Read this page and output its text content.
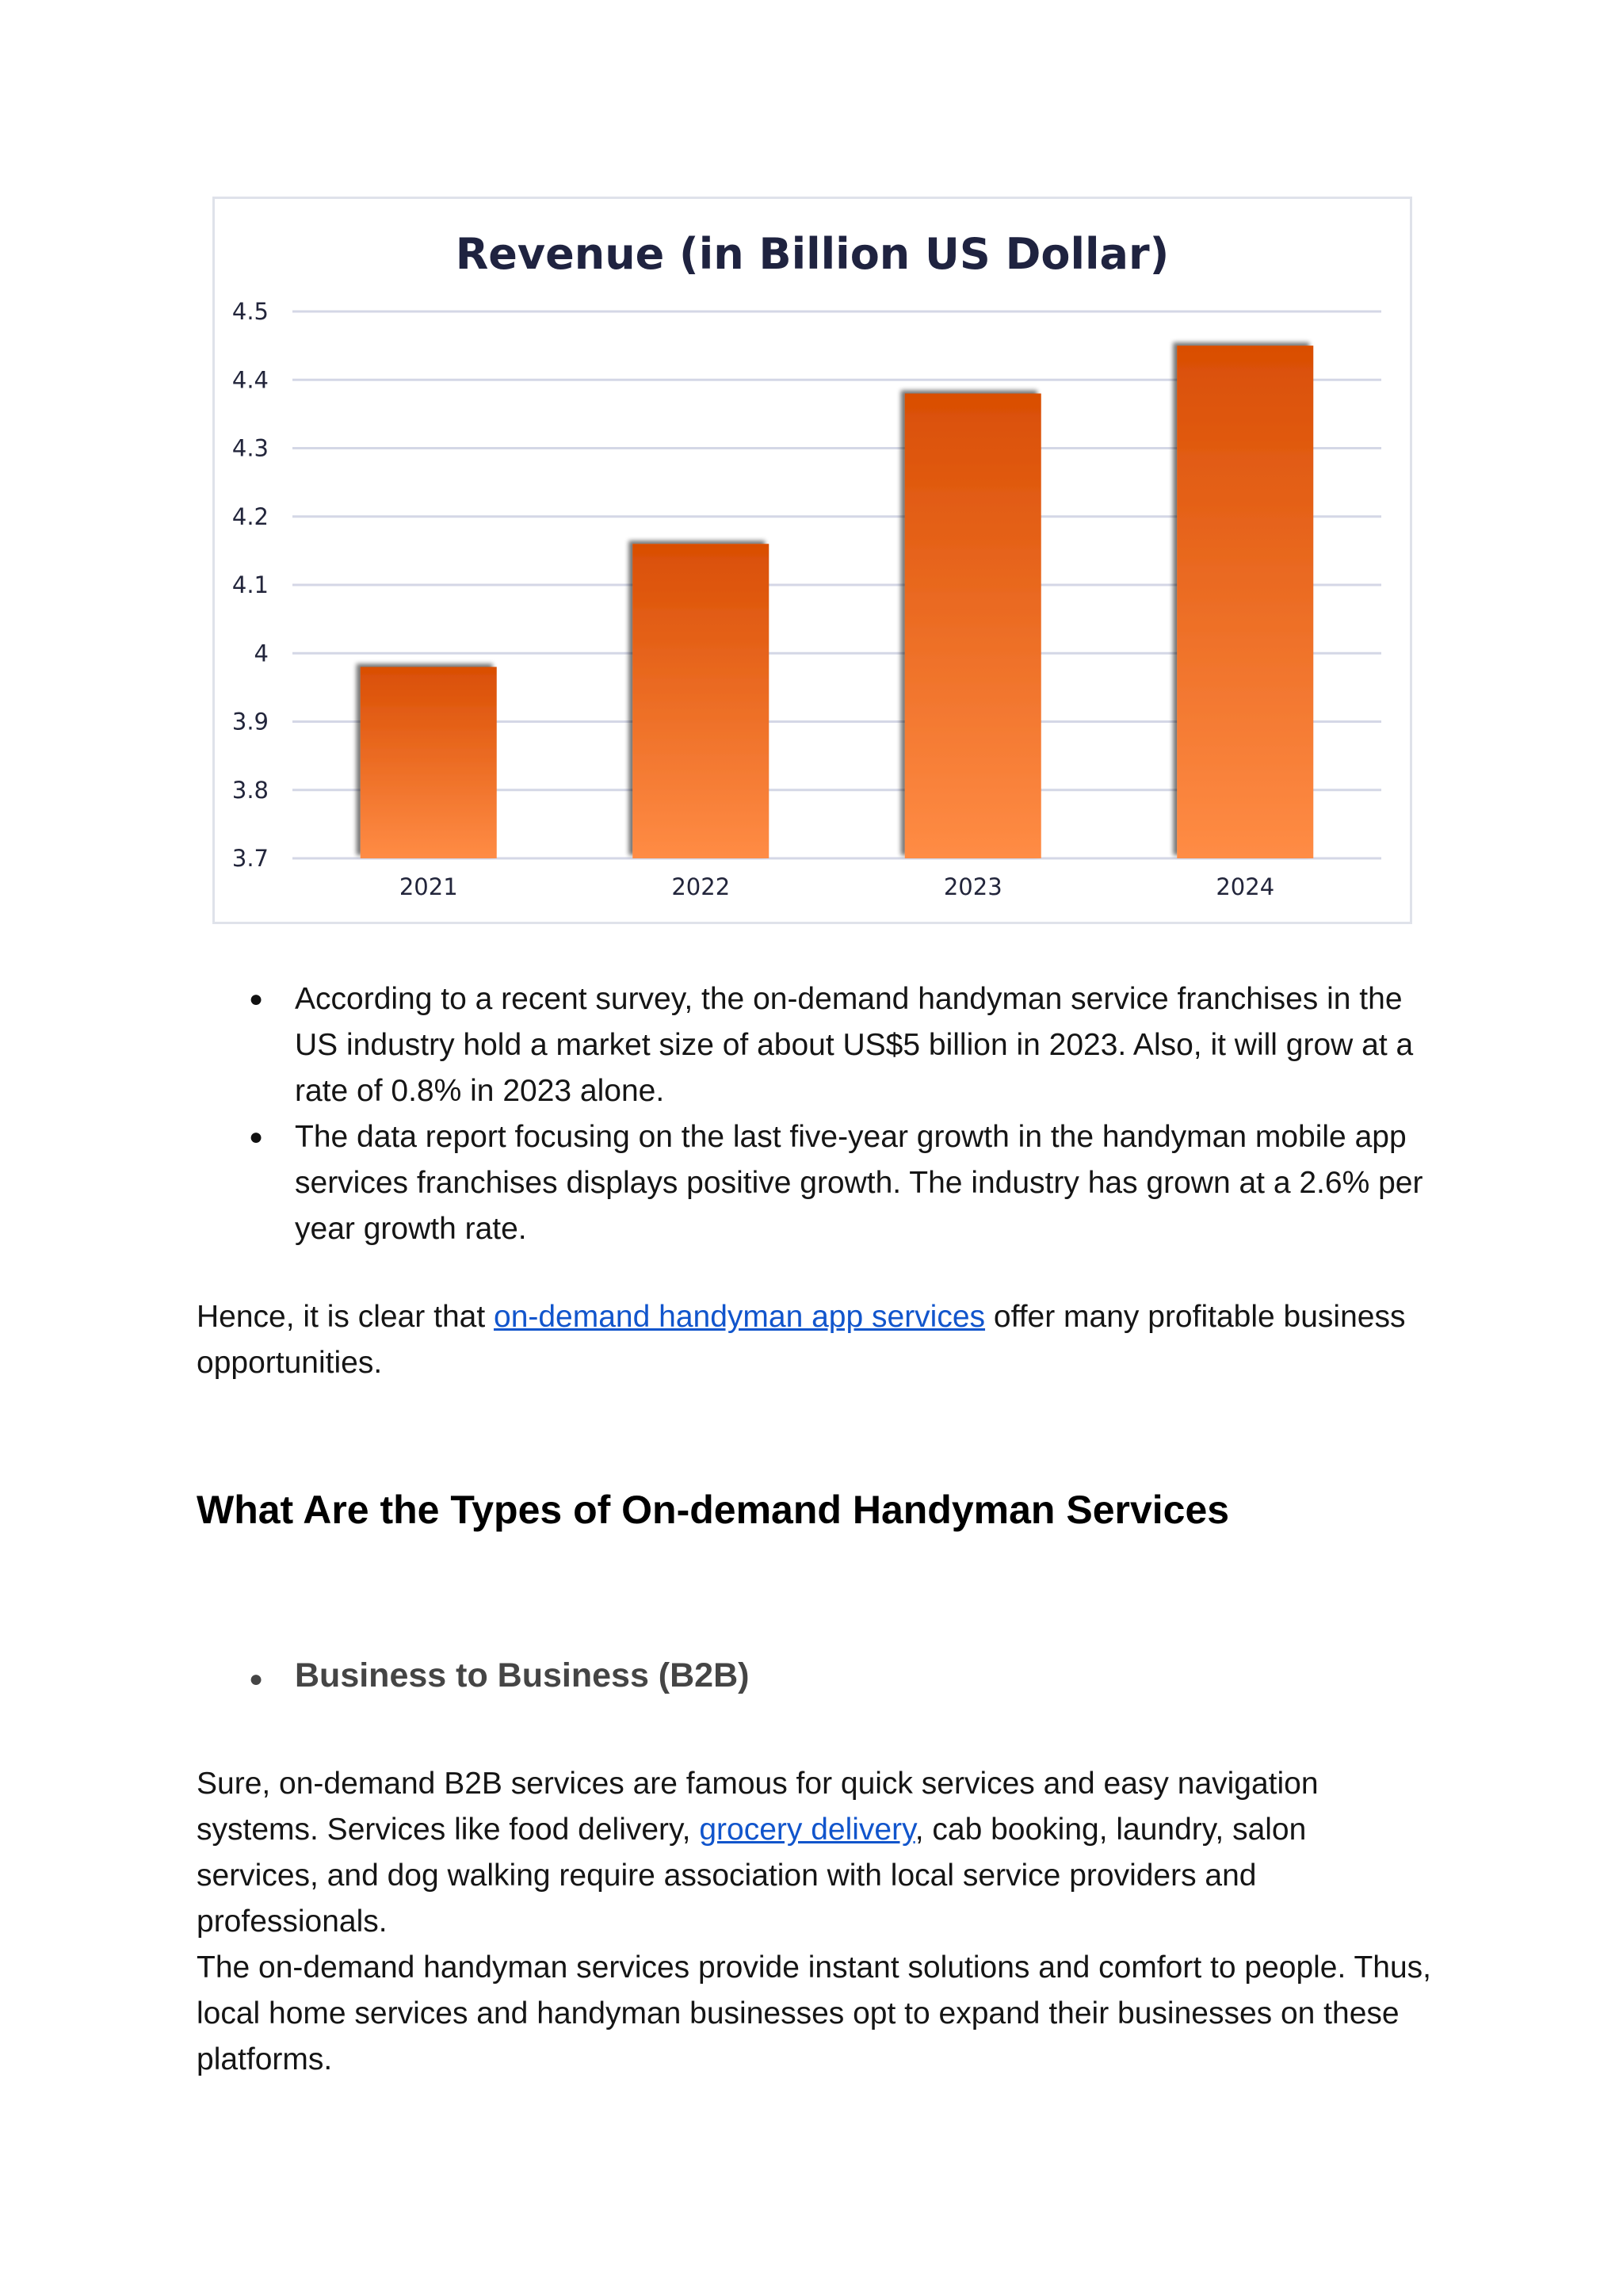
Revenue (in Billion US Dollar)
4.5
4.4
4.3
4.2
4.1
4
3.9
3.8
3.7
2021	2022	2023	2024
● According to a recent survey, the on-demand handyman service franchises in the US industry hold a market size of about US$5 billion in 2023. Also, it will grow at a rate of 0.8% in 2023 alone.
● The data report focusing on the last five-year growth in the handyman mobile app services franchises displays positive growth. The industry has grown at a 2.6% per year growth rate.

Hence, it is clear that on-demand handyman app services offer many profitable business opportunities.

What Are the Types of On-demand Handyman Services
● Business to Business (B2B)

Sure, on-demand B2B services are famous for quick services and easy navigation systems. Services like food delivery, grocery delivery, cab booking, laundry, salon services, and dog walking require association with local service providers and professionals.

The on-demand handyman services provide instant solutions and comfort to people. Thus, local home services and handyman businesses opt to expand their businesses on these platforms.
